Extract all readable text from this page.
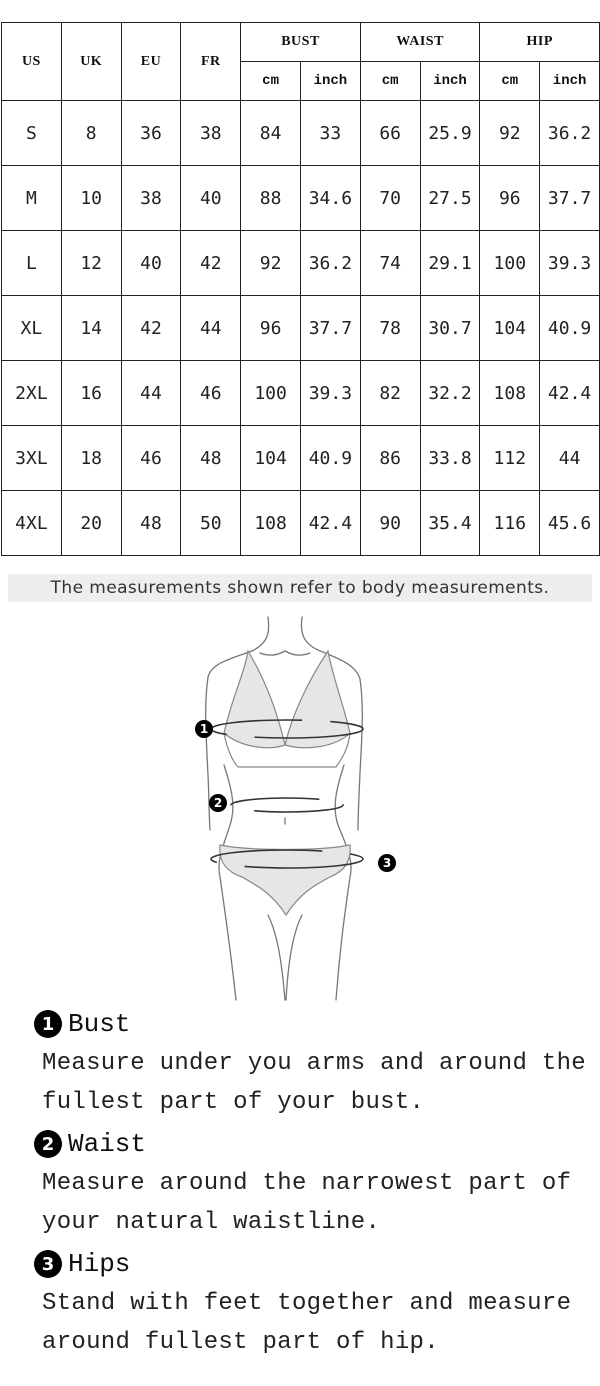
US	UK	EU	FR	BUST		WAIST		HIP	
				cm	inch	cm	inch	cm	inch
S	8	36	38	84	33	66	25.9	92	36.2
M	10	38	40	88	34.6	70	27.5	96	37.7
L	12	40	42	92	36.2	74	29.1	100	39.3
XL	14	42	44	96	37.7	78	30.7	104	40.9
2XL	16	44	46	100	39.3	82	32.2	108	42.4
3XL	18	46	48	104	40.9	86	33.8	112	44
4XL	20	48	50	108	42.4	90	35.4	116	45.6
The measurements shown refer to body measurements.
1
2
3
1 Bust
Measure under you arms and around the
fullest part of your bust.
2 Waist
Measure around the narrowest part of
your natural waistline.
3 Hips
Stand with feet together and measure
around fullest part of hip.
